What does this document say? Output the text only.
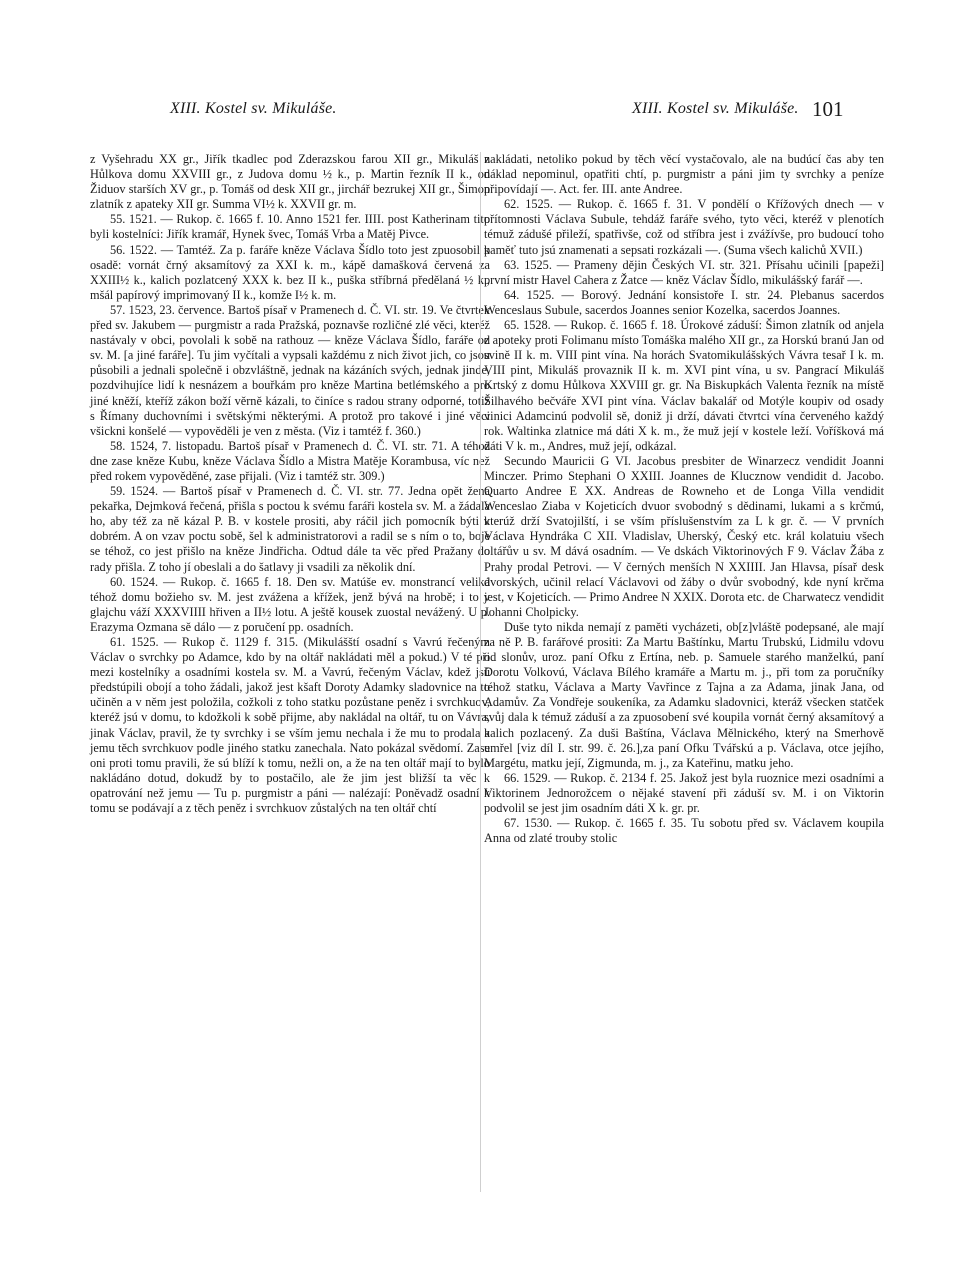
XIII. Kostel sv. Mikuláše.	XIII. Kostel sv. Mikuláše. 101

z Vyšehradu XX gr., Jiřík tkadlec pod Zderazskou farou XII gr., Mikuláš z Hůlkova domu XXVIII gr., z Judova domu ½ k., p. Martin řezník II k., od Židuov starších XV gr., p. Tomáš od desk XII gr., jirchář bezrukej XII gr., Šimon zlatník z apateky XII gr. Summa VI½ k. XXVII gr. m.

55. 1521. — Rukop. č. 1665 f. 10. Anno 1521 fer. IIII. post Katherinam tito byli kostelníci: Jiřík kramář, Hynek švec, Tomáš Vrba a Matěj Pivce.

56. 1522. — Tamtéž. Za p. faráře kněze Václava Šídlo toto jest zpuosobil k osadě: vornát črný aksamítový za XXI k. m., kápě damašková červená za XXIII½ k., kalich pozlatcený XXX k. bez II k., puška stříbrná předělaná ½ k., mšál papírový imprimovaný II k., komže I½ k. m.

57. 1523, 23. července. Bartoš písař v Pramenech d. Č. VI. str. 19. Ve čtvrtek před sv. Jakubem — purgmistr a rada Pražská, poznavše rozličné zlé věci, kteréž nastávaly v obci, povolali k sobě na rathouz — kněze Václava Šídlo, faráře od sv. M. [a jiné faráře]. Tu jim vyčítali a vypsali každému z nich život jich, co jsou působili a jednali společně i obzvláštně, jednak na kázáních svých, jednak jinde, pozdvihujíce lidí k nesnázem a bouřkám pro kněze Martina betlémského a pro jiné kněží, kteříž zákon boží věrně kázali, to činíce s radou strany odporné, totiž s Římany duchovními i světskými některými. A protož pro takové i jiné věci všickni konšelé — vypověděli je ven z města. (Viz i tamtéž f. 360.)

58. 1524, 7. listopadu. Bartoš písař v Pramenech d. Č. VI. str. 71. A téhož dne zase kněze Kubu, kněze Václava Šídlo a Mistra Matěje Korambusa, víc než před rokem vypověděné, zase přijali. (Viz i tamtéž str. 309.)

59. 1524. — Bartoš písař v Pramenech d. Č. VI. str. 77. Jedna opět žena pekařka, Dejmková řečená, přišla s poctou k svému faráři kostela sv. M. a žádala ho, aby též za ně kázal P. B. v kostele prositi, aby ráčil jich pomocník býti v dobrém. A on vzav poctu sobě, šel k administratorovi a radil se s ním o to, boje se téhož, co jest přišlo na kněze Jindřicha. Odtud dále ta věc před Pražany do rady přišla. Z toho jí obeslali a do šatlavy ji vsadili za několik dní.

60. 1524. — Rukop. č. 1665 f. 18. Den sv. Matúše ev. monstrancí veliká téhož domu božieho sv. M. jest zvážena a křížek, jenž bývá na hrobě; i to v glajchu váží XXXVIIII hřiven a II½ lotu. A ještě kousek zuostal nevážený. U p. Erazyma Ozmana sě dálo — z poručení pp. osadních.

61. 1525. — Rukop č. 1129 f. 315. (Mikulášští osadní s Vavrú řečeným Václav o svrchky po Adamce, kdo by na oltář nakládati měl a pokud.) V té při mezi kostelníky a osadními kostela sv. M. a Vavrú, řečeným Václav, kdež jsú předstúpili obojí a toho žádali, jakož jest kšaft Doroty Adamky sladovnice na to učiněn a v něm jest položila, cožkoli z toho statku pozůstane peněz i svrchkuov, kteréž jsú v domu, to kdožkoli k sobě přijme, aby nakládal na oltář, tu on Vávra, jinak Václav, pravil, že ty svrchky i se vším jemu nechala i že mu to prodala a jemu těch svrchkuov podle jiného statku zanechala. Nato pokázal svědomí. Zase oni proti tomu pravili, že sú blíží k tomu, nežli on, a že na ten oltář mají to bylo nakládáno dotud, dokudž by to postačilo, ale že jim jest bližší ta věc k opatrování než jemu — Tu p. purgmistr a páni — nalézají: Poněvadž osadní k tomu se podávají a z těch peněz i svrchkuov zůstalých na ten oltář chtí

nakládati, netoliko pokud by těch věcí vystačovalo, ale na budúcí čas aby ten náklad nepominul, opatřiti chtí, p. purgmistr a páni jim ty svrchky a peníze připovídají —. Act. fer. III. ante Andree.

62. 1525. — Rukop. č. 1665 f. 31. V pondělí o Křížových dnech — v přítomnosti Václava Subule, tehdáž faráře svého, tyto věci, kteréž v plenotích témuž zádušé přileží, spatřivše, což od stříbra jest i zvážívše, pro budoucí toho paměť tuto jsú znamenati a sepsati rozkázali —. (Suma všech kalichů XVII.)

63. 1525. — Prameny dějin Českých VI. str. 321. Přísahu učinili [papeži] první mistr Havel Cahera z Žatce — kněz Václav Šídlo, mikulášský farář —.

64. 1525. — Borový. Jednání konsistoře I. str. 24. Plebanus sacerdos Wenceslaus Subule, sacerdos Joannes senior Kozelka, sacerdos Joannes.

65. 1528. — Rukop. č. 1665 f. 18. Úrokové záduší: Šimon zlatník od anjela z apoteky proti Folimanu místo Tomáška malého XII gr., za Horskú branú Jan od svině II k. m. VIII pint vína. Na horách Svatomikulášských Vávra tesař I k. m. VIII pint, Mikuláš provaznik II k. m. XVI pint vína, u sv. Pangrací Mikuláš Krtský z domu Hůlkova XXVIII gr. gr. Na Biskupkách Valenta řezník na místě Šilhavého bečváře XVI pint vína. Václav bakalář od Motýle koupiv od osady vinici Adamcinú podvolil sě, doniž ji drží, dávati čtvrtci vína červeného každý rok. Waltinka zlatnice má dáti X k. m., že muž její v kostele leží. Voříšková má dáti V k. m., Andres, muž její, odkázal.

Secundo Mauricii G VI. Jacobus presbiter de Winarzecz vendidit Joanni Minczer. Primo Stephani O XXIII. Joannes de Klucznow vendidit d. Jacobo. Quarto Andree E XX. Andreas de Rowneho et de Longa Villa vendidit Wenceslao Ziaba v Kojeticích dvuor svobodný s dědinami, lukami a s krčmú, kterúž drží Svatojilští, i se vším příslušenstvím za L k gr. č. — V prvních Václava Hyndráka C XII. Vladislav, Uherský, Český etc. král kolatuiu všech oltářův u sv. M dává osadním. — Ve dskách Viktorinových F 9. Václav Žába z Prahy prodal Petrovi. — V černých menších N XXIIII. Jan Hlavsa, písař desk dvorských, učinil relací Václavovi od žáby o dvůr svobodný, kde nyní krčma jest, v Kojeticích. — Primo Andree N XXIX. Dorota etc. de Charwatecz vendidit Johanni Cholpicky.

Duše tyto nikda nemají z paměti vycházeti, ob[z]vláště podepsané, ale mají za ně P. B. farářové prositi: Za Martu Baštínku, Martu Trubskú, Lidmilu vdovu od slonův, uroz. paní Ofku z Ertína, neb. p. Samuele starého manželkú, paní Dorotu Volkovú, Václava Bílého kramáře a Martu m. j., při tom za poručníky téhož statku, Václava a Marty Vavřince z Tajna a za Adama, jinak Jana, od Adamův. Za Vondřeje soukeníka, za Adamku sladovnici, kteráž všecken statček svůj dala k témuž záduší a za zpuosobení své koupila vornát černý aksamítový a kalich pozlacený. Za duši Baštína, Václava Mělnického, který na Smerhově umřel [viz díl I. str. 99. č. 26.],za paní Ofku Tvářskú a p. Václava, otce jejího, Margétu, matku její, Zigmunda, m. j., za Kateřinu, matku jeho.

66. 1529. — Rukop. č. 2134 f. 25. Jakož jest byla ruoznice mezi osadními a Viktorinem Jednorožcem o nějaké stavení při záduší sv. M. i on Viktorin podvolil se jest jim osadním dáti X k. gr. pr.

67. 1530. — Rukop. č. 1665 f. 35. Tu sobotu před sv. Václavem koupila Anna od zlaté trouby stolic
